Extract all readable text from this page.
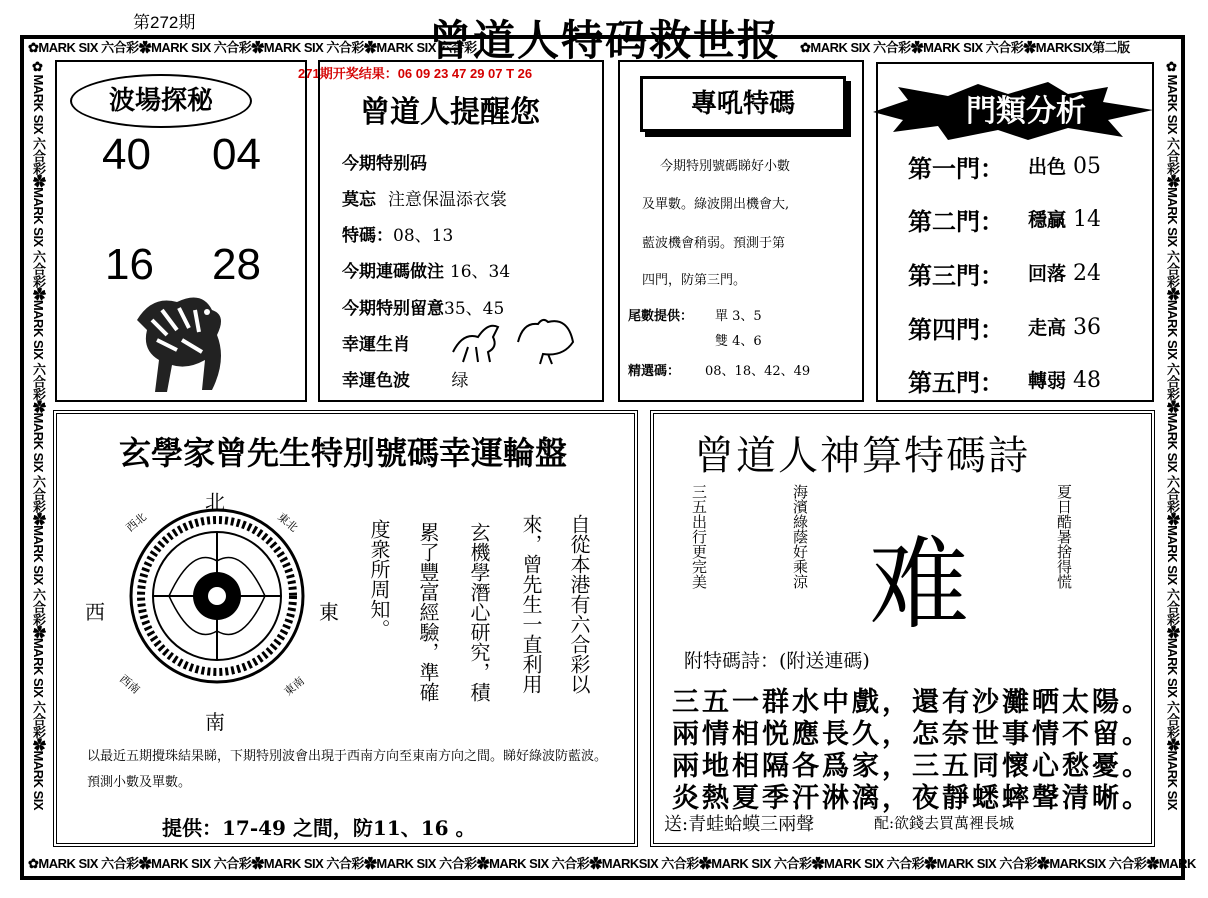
第272期	曾道人特码救世报
✿MARK SIX 六合彩✿MARK SIX 六合彩✿MARK SIX 六合彩✿MARK SIX 六合彩	✿MARK SIX 六合彩✿MARK SIX 六合彩✿MARKSIX第二版
✿MARK SIX 六合彩✿MARK SIX 六合彩✿MARK SIX 六合彩✿MARK SIX 六合彩✿MARK SIX 六合彩✿MARKSIX 六合彩✿MARK SIX 六合彩✿MARK SIX 六合彩✿MARK SIX 六合彩✿MARKSIX 六合彩✿MARK
✿MARK SIX 六合彩✿MARK SIX 六合彩✿MARK SIX 六合彩✿MARK SIX 六合彩✿MARK SIX 六合彩✿MARK SIX 六合彩✿MARK SIX	✿MARK SIX 六合彩✿MARK SIX 六合彩✿MARK SIX 六合彩✿MARK SIX 六合彩✿MARK SIX 六合彩✿MARK SIX 六合彩✿MARK SIX
271期开奖结果：06 09 23 47 29 07 T 26
波場探秘
40 04
16 28
曾道人提醒您
今期特别码
莫忘 注意保温添衣裳
特碼：08、13
今期連碼做注 16、34
今期特别留意35、45
幸運生肖
幸運色波 绿
專吼特碼
今期特別號碼睇好小數
及單數。綠波開出機會大,
藍波機會稍弱。預測于第
四門，防第三門。
尾數提供： 單 3、5
雙 4、6
精選碼： 08、18、42、49
門類分析
第一門： 出色 05
第二門： 穩贏 14
第三門： 回落 24
第四門： 走高 36
第五門： 轉弱 48
玄學家曾先生特別號碼幸運輪盤
北
南
東
西
西北	東北
西南	東南	自從本港有六合彩以
來，曾先生一直利用
玄機學潛心研究，積
累了豐富經驗，準確
度衆所周知。
以最近五期攪珠結果睇，下期特別波會出現于西南方向至東南方向之間。睇好綠波防藍波。預測小數及單數。
提供：17-49 之間，防11、16 。
曾道人神算特碼詩
三五出行更完美	海濱綠蔭好乘涼	夏日酷暑捨得慌
难
附特碼詩：(附送連碼)
三五一群水中戲，還有沙灘晒太陽。
兩情相悦應長久，怎奈世事情不留。
兩地相隔各爲家，三五同懷心愁憂。
炎熱夏季汗淋漓，夜靜蟋蟀聲清晰。
送:青蛙蛤蟆三兩聲	配:欲錢去買萬裡長城
